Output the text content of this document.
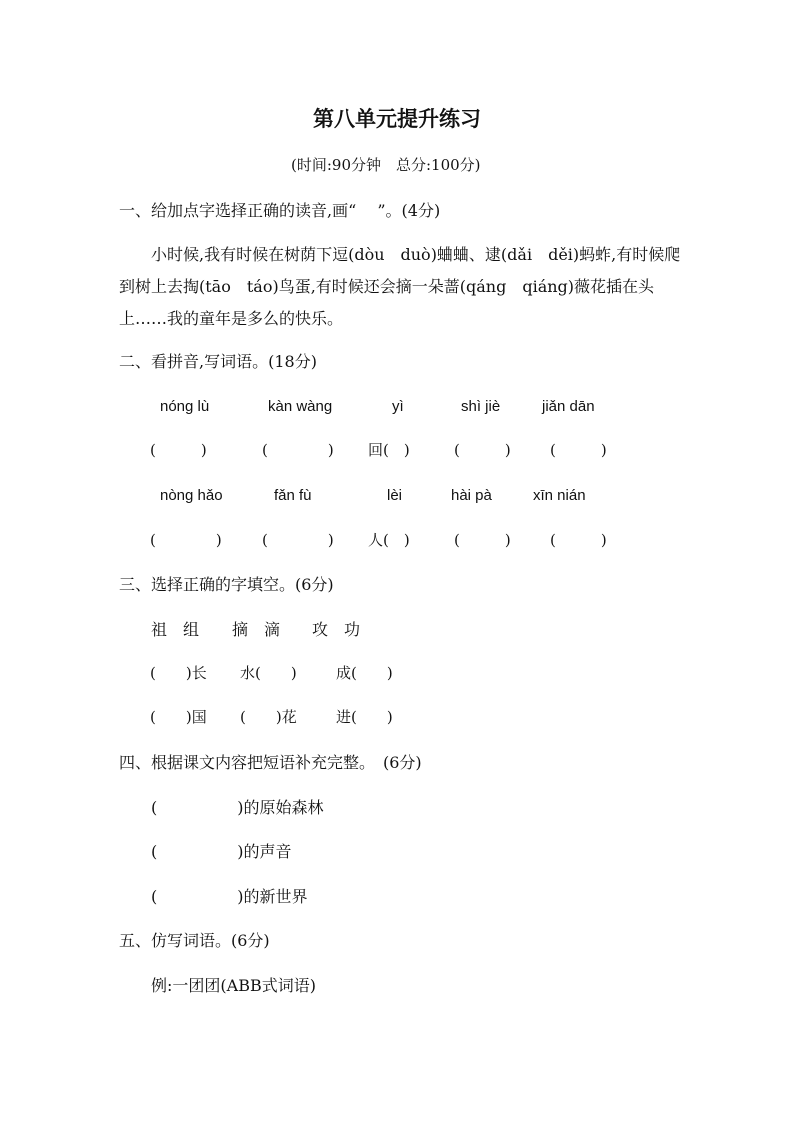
第八单元提升练习
(时间:90分钟　总分:100分)
一、给加点字选择正确的读音,画“　 ”。(4分)
小时候,我有时候在树荫下逗(dòu　duò)蛐蛐、逮(dǎi　děi)蚂蚱,有时候爬
到树上去掏(tāo　táo)鸟蛋,有时候还会摘一朵蔷(qáng　qiáng)薇花插在头
上……我的童年是多么的快乐。
二、看拼音,写词语。(18分)
nóng lù	kàn wàng	yì	shì jiè	jiǎn dān
(　　　)	(　　　　) 回(　)	(　　　)	(　　　)
nòng hǎo	fǎn fù	lèi	hài pà	xīn nián
(　　　　)	(　　　　) 人(　)	(　　　)	(　　　)
三、选择正确的字填空。(6分)
祖　组 摘　滴 攻　功
(　　)长 水(　　)	成(　　)
(　　)国 (　　)花	进(　　)
四、根据课文内容把短语补充完整。　(6分)
(　　　　　)的原始森林
(　　　　　)的声音
(　　　　　)的新世界
五、仿写词语。(6分)
例:一团团(ABB式词语)
